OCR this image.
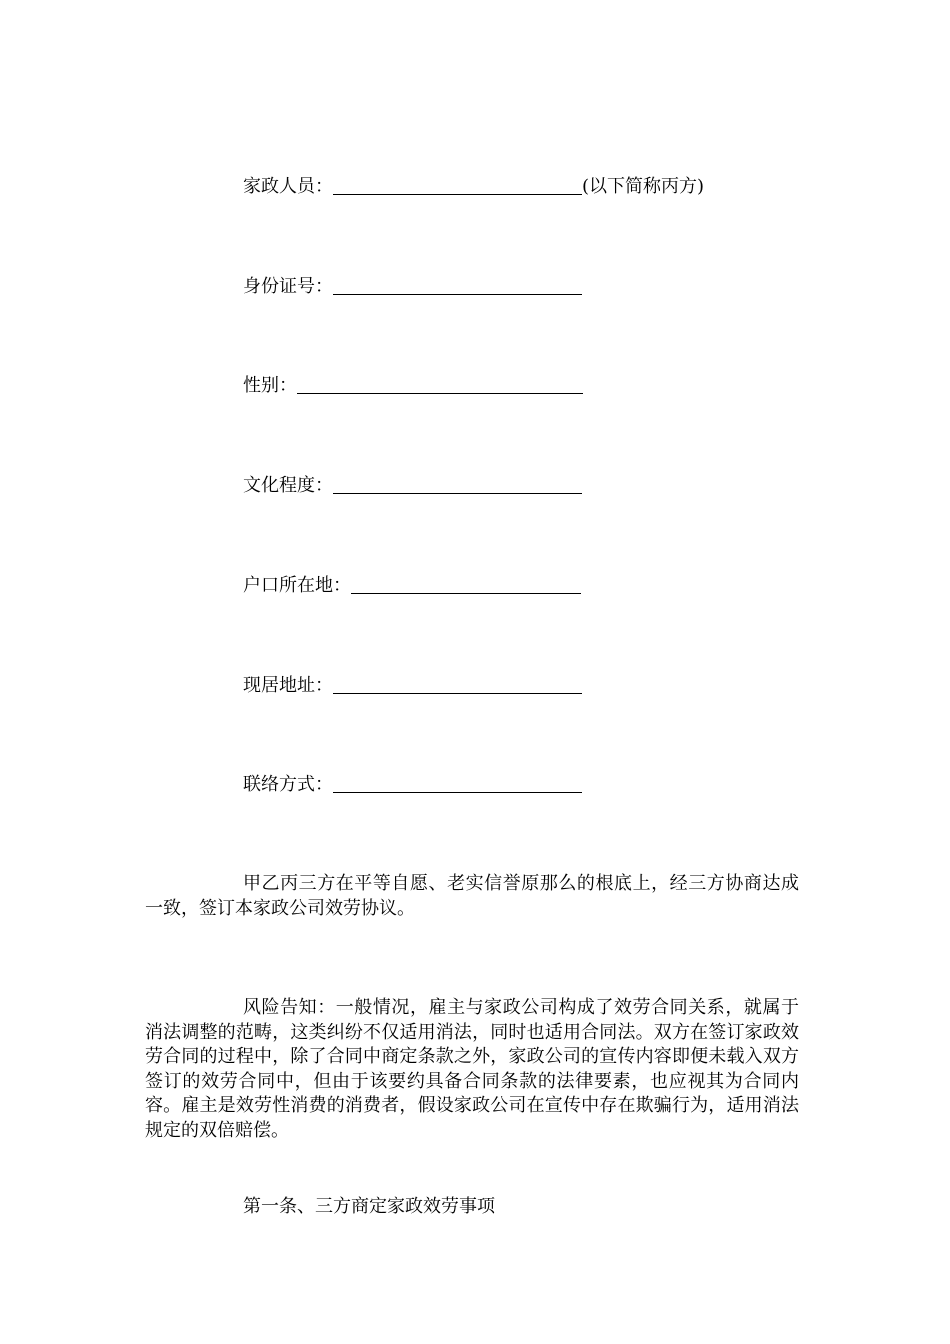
家政人员：	(以下简称丙方)
身份证号：
性别：
文化程度：
户口所在地：
现居地址：
联络方式：

甲乙丙三方在平等自愿、老实信誉原那么的根底上，经三方协商达成一致，签订本家政公司效劳协议。

风险告知：一般情况，雇主与家政公司构成了效劳合同关系，就属于消法调整的范畴，这类纠纷不仅适用消法，同时也适用合同法。双方在签订家政效劳合同的过程中，除了合同中商定条款之外，家政公司的宣传内容即便未载入双方签订的效劳合同中，但由于该要约具备合同条款的法律要素，也应视其为合同内容。雇主是效劳性消费的消费者，假设家政公司在宣传中存在欺骗行为，适用消法规定的双倍赔偿。

第一条、三方商定家政效劳事项
